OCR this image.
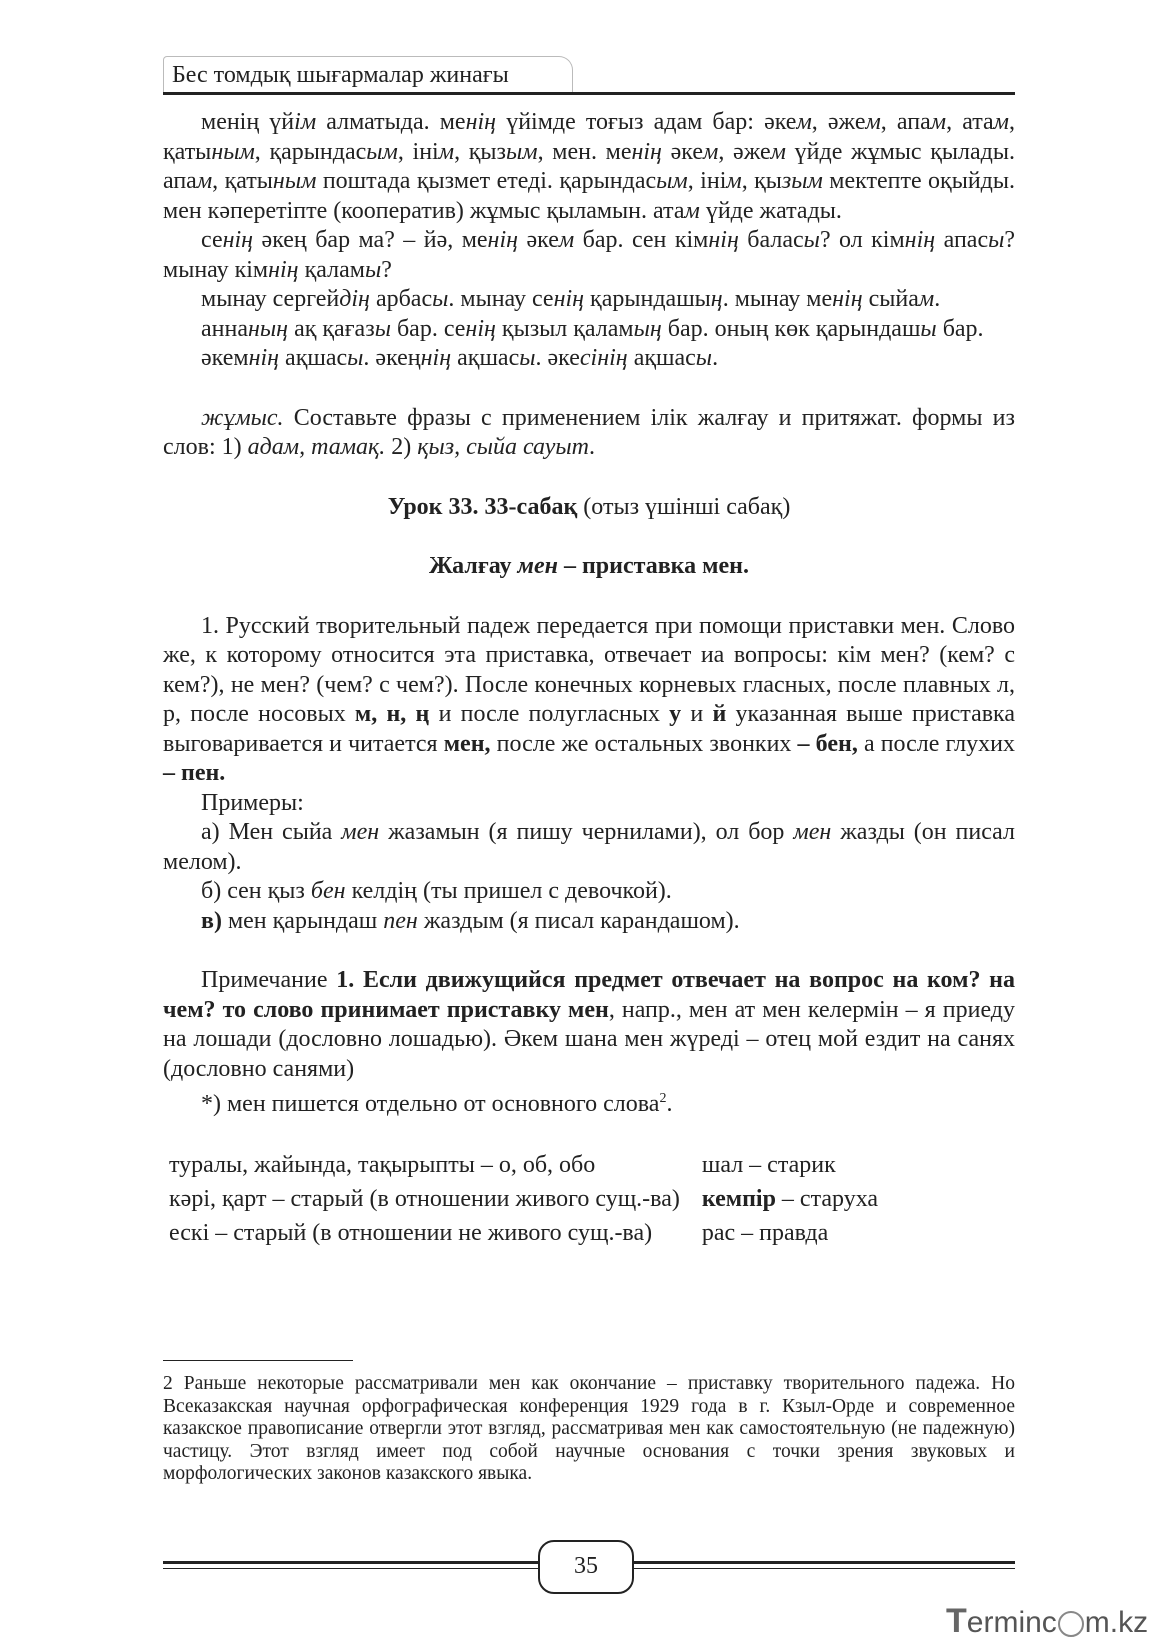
Бес томдық шығармалар жинағы

менің үйім алматыда. менің үйімде тоғыз адам бар: әкем, әжем, апам, атам, қатыным, қарындасым, інім, қызым, мен. менің әкем, әжем үйде жұмыс қылады. апам, қатыным поштада қызмет етеді. қарындасым, інім, қызым мектепте оқыйды. мен кәперетіпте (кооператив) жұмыс қыламын. атам үйде жатады.

сенің әкең бар ма? – йә, менің әкем бар. сен кімнің баласы? ол кімнің апасы? мынау кімнің қаламы?

мынау сергейдің арбасы. мынау сенің қарындашың. мынау менің сыйам.

аннаның ақ қағазы бар. сенің қызыл қаламың бар. оның көк қарындашы бар.

әкемнің ақшасы. әкеңнің ақшасы. әкесінің ақшасы.

жұмыс. Составьте фразы с применением ілік жалғау и притяжат. формы из слов: 1) адам, тамақ. 2) қыз, сыйа сауыт.

Урок 33. 33-сабақ (отыз үшінші сабақ)

Жалғау мен – приставка мен.

1. Русский творительный падеж передается при помощи приставки мен. Слово же, к которому относится эта приставка, отвечает иа вопросы: кім мен? (кем? с кем?), не мен? (чем? с чем?). После конечных корневых гласных, после плавных л, р, после носовых м, н, ң и после полугласных у и й указанная выше приставка выговаривается и читается мен, после же остальных звонких – бен, а после глухих – пен.

Примеры:

а) Мен сыйа мен жазамын (я пишу чернилами), ол бор мен жазды (он писал мелом).

б) сен қыз бен келдің (ты пришел с девочкой).

в) мен қарындаш пен жаздым (я писал карандашом).

Примечание 1. Если движущийся предмет отвечает на вопрос на ком? на чем? то слово принимает приставку мен, напр., мен ат мен келермін – я приеду на лошади (дословно лошадью). Әкем шана мен жүреді – отец мой ездит на санях (дословно санями)

*) мен пишется отдельно от основного слова$^2$.

туралы, жайында, тақырыпты – о, об, обо	шал – старик
кәрі, қарт – старый (в отношении живого сущ.-ва)	кемпір – старуха
ескі – старый (в отношении не живого сущ.-ва)	рас – правда
2 Раньше некоторые рассматривали мен как окончание – приставку творительного падежа. Но Всеказакская научная орфографическая конференция 1929 года в г. Кзыл-Орде и современное казакское правописание отвергли этот взгляд, рассматривая мен как самостоятельную (не падежную) частицу. Этот взгляд имеет под собой научные основания с точки зрения звуковых и морфологических законов казакского явыка.
35
Terminc m.kz
